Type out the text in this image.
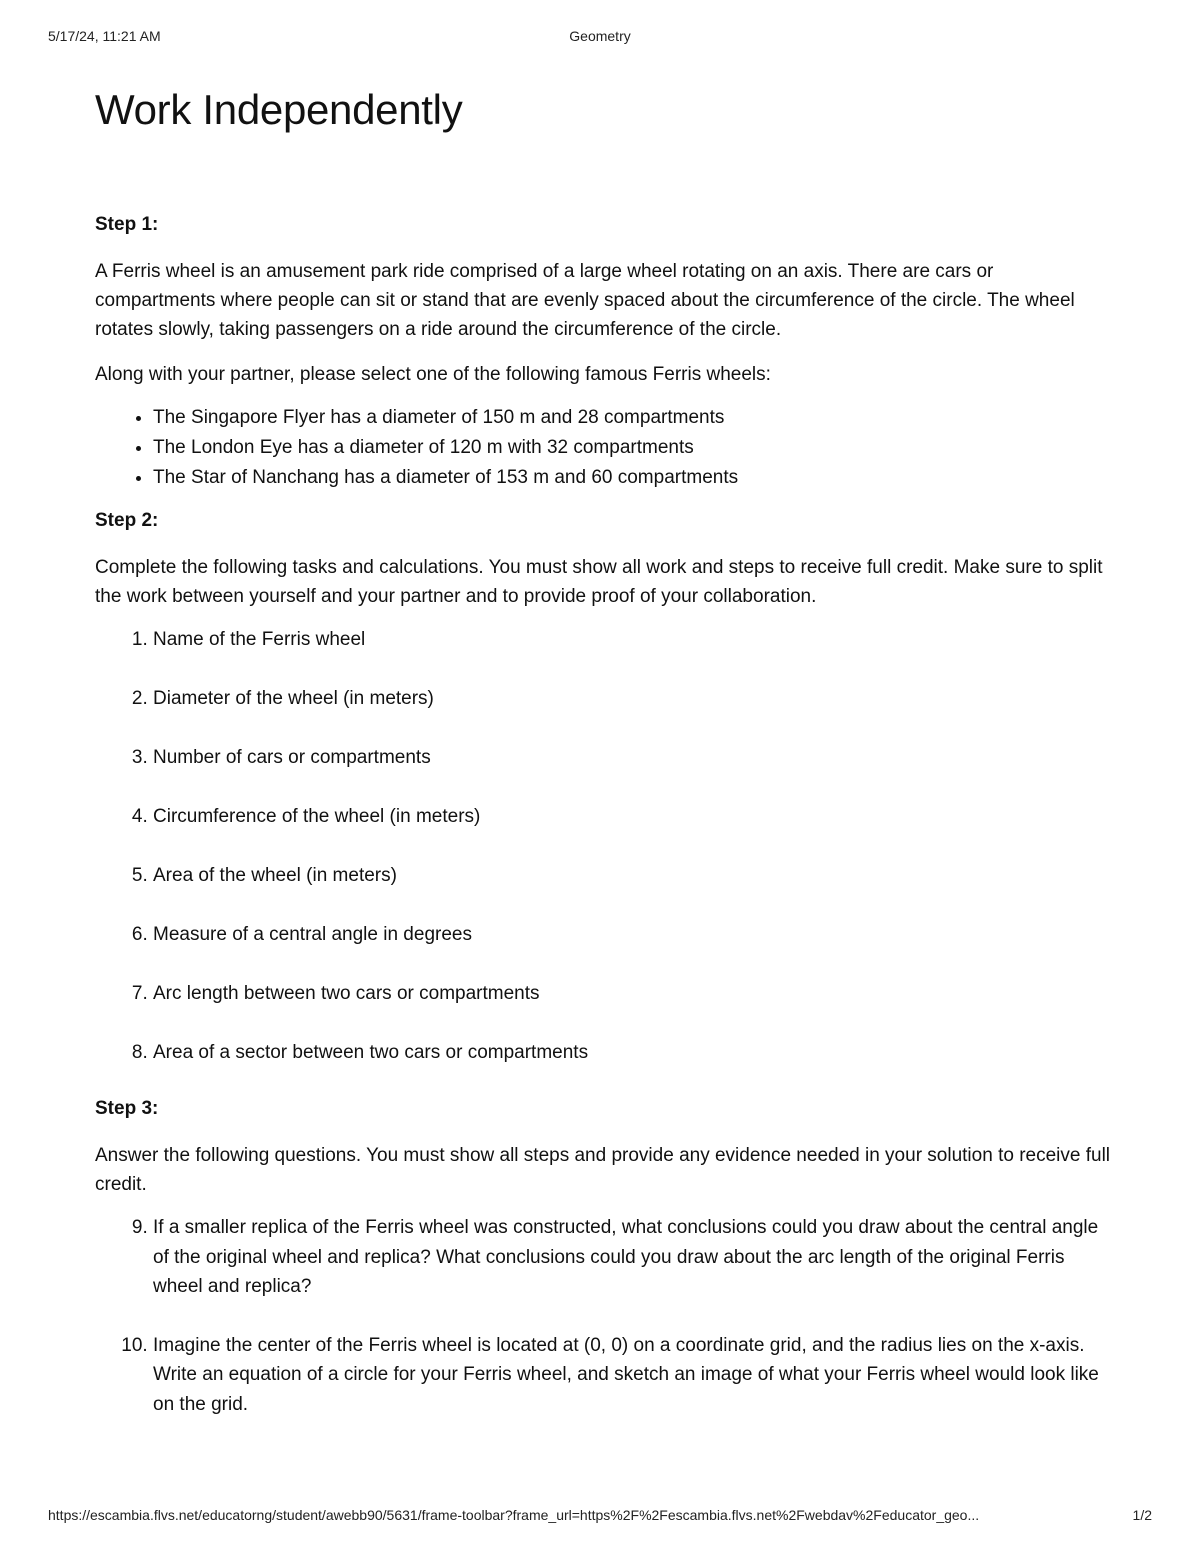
5/17/24, 11:21 AM	Geometry
Work Independently

Step 1:

A Ferris wheel is an amusement park ride comprised of a large wheel rotating on an axis. There are cars or compartments where people can sit or stand that are evenly spaced about the circumference of the circle. The wheel rotates slowly, taking passengers on a ride around the circumference of the circle.

Along with your partner, please select one of the following famous Ferris wheels:

• The Singapore Flyer has a diameter of 150 m and 28 compartments
• The London Eye has a diameter of 120 m with 32 compartments
• The Star of Nanchang has a diameter of 153 m and 60 compartments

Step 2:

Complete the following tasks and calculations. You must show all work and steps to receive full credit. Make sure to split the work between yourself and your partner and to provide proof of your collaboration.

1. Name of the Ferris wheel
2. Diameter of the wheel (in meters)
3. Number of cars or compartments
4. Circumference of the wheel (in meters)
5. Area of the wheel (in meters)
6. Measure of a central angle in degrees
7. Arc length between two cars or compartments
8. Area of a sector between two cars or compartments

Step 3:

Answer the following questions. You must show all steps and provide any evidence needed in your solution to receive full credit.

9. If a smaller replica of the Ferris wheel was constructed, what conclusions could you draw about the central angle of the original wheel and replica? What conclusions could you draw about the arc length of the original Ferris wheel and replica?
10. Imagine the center of the Ferris wheel is located at (0, 0) on a coordinate grid, and the radius lies on the x-axis. Write an equation of a circle for your Ferris wheel, and sketch an image of what your Ferris wheel would look like on the grid.
https://escambia.flvs.net/educatorng/student/awebb90/5631/frame-toolbar?frame_url=https%2F%2Fescambia.flvs.net%2Fwebdav%2Feducator_geo...	1/2
